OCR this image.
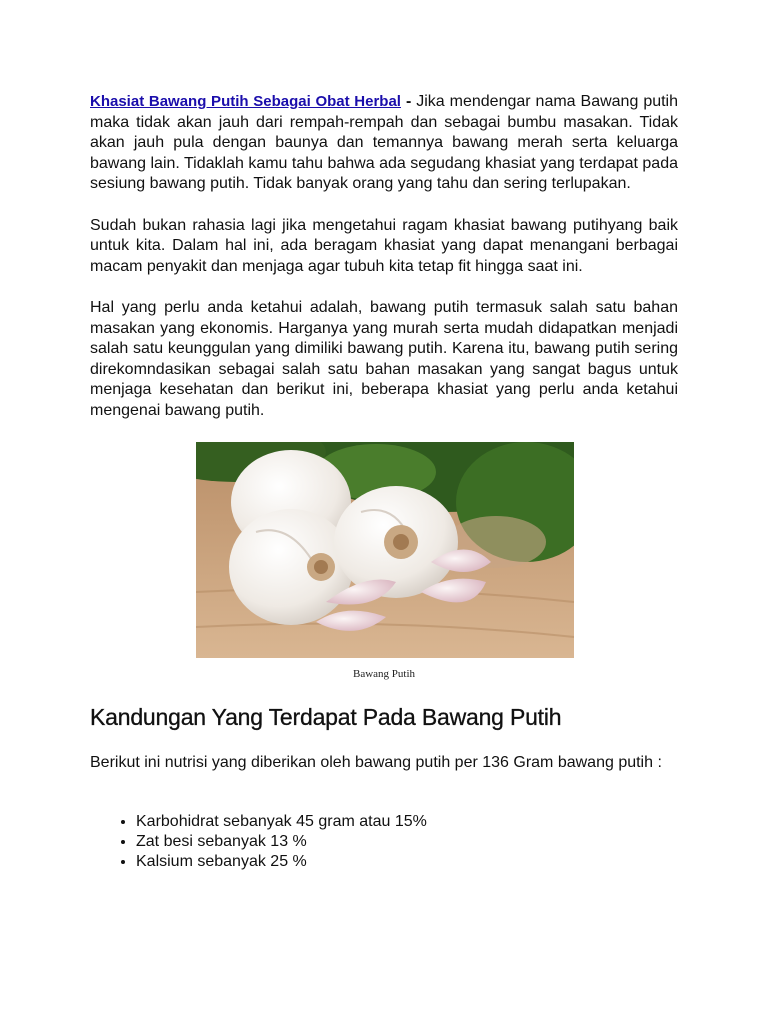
Khasiat Bawang Putih Sebagai Obat Herbal - Jika mendengar nama Bawang putih maka tidak akan jauh dari rempah-rempah dan sebagai bumbu masakan. Tidak akan jauh pula dengan baunya dan temannya bawang merah serta keluarga bawang lain. Tidaklah kamu tahu bahwa ada segudang khasiat yang terdapat pada sesiung bawang putih. Tidak banyak orang yang tahu dan sering terlupakan.

Sudah bukan rahasia lagi jika mengetahui ragam khasiat bawang putihyang baik untuk kita. Dalam hal ini, ada beragam khasiat yang dapat menangani berbagai macam penyakit dan menjaga agar tubuh kita tetap fit hingga saat ini.

Hal yang perlu anda ketahui adalah, bawang putih termasuk salah satu bahan masakan yang ekonomis. Harganya yang murah serta mudah didapatkan menjadi salah satu keunggulan yang dimiliki bawang putih. Karena itu, bawang putih sering direkomndasikan sebagai salah satu bahan masakan yang sangat bagus untuk menjaga kesehatan dan berikut ini, beberapa khasiat yang perlu anda ketahui mengenai bawang putih.

Bawang Putih
Kandungan Yang Terdapat Pada Bawang Putih

Berikut ini nutrisi yang diberikan oleh bawang putih per 136 Gram bawang putih :

• Karbohidrat sebanyak 45 gram atau 15%
• Zat besi sebanyak 13 %
• Kalsium sebanyak 25 %
